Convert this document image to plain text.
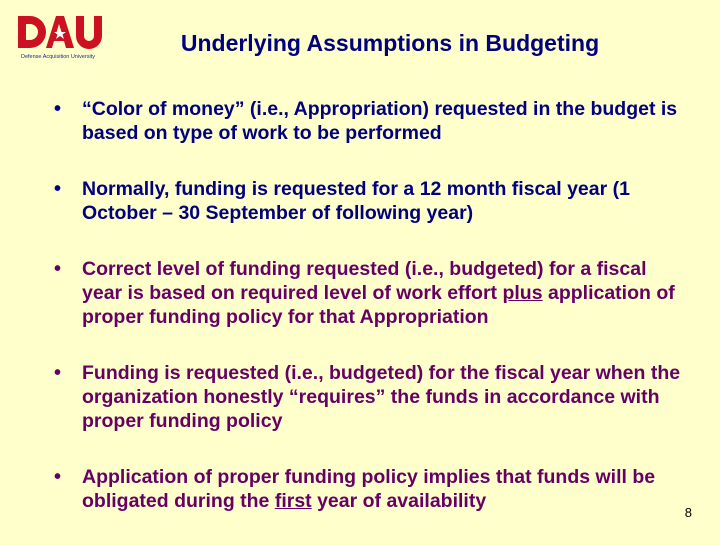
Defense Acquisition University
Underlying Assumptions in Budgeting
• “Color of money” (i.e., Appropriation) requested in the budget is based on type of work to be performed
• Normally, funding is requested for a 12 month fiscal year (1 October – 30 September of following year)
• Correct level of funding requested (i.e., budgeted) for a fiscal year is based on required level of work effort plus application of proper funding policy for that Appropriation
• Funding is requested (i.e., budgeted) for the fiscal year when the organization honestly “requires” the funds in accordance with proper funding policy
• Application of proper funding policy implies that funds will be obligated during the first year of availability
8
